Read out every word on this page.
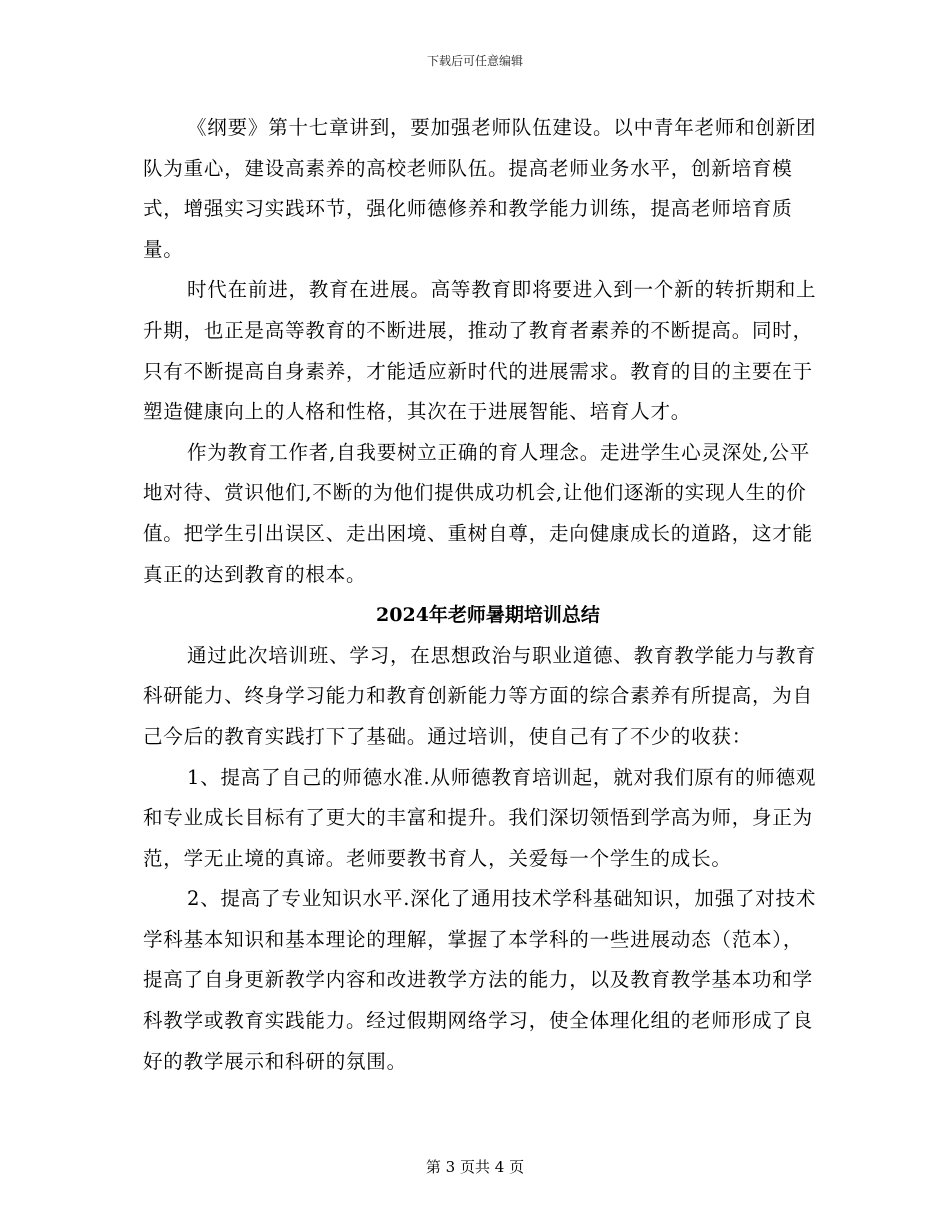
下载后可任意编辑

《纲要》第十七章讲到，要加强老师队伍建设。以中青年老师和创新团队为重心，建设高素养的高校老师队伍。提高老师业务水平，创新培育模式，增强实习实践环节，强化师德修养和教学能力训练，提高老师培育质量。

时代在前进，教育在进展。高等教育即将要进入到一个新的转折期和上升期，也正是高等教育的不断进展，推动了教育者素养的不断提高。同时，只有不断提高自身素养，才能适应新时代的进展需求。教育的目的主要在于塑造健康向上的人格和性格，其次在于进展智能、培育人才。

作为教育工作者,自我要树立正确的育人理念。走进学生心灵深处,公平地对待、赏识他们,不断的为他们提供成功机会,让他们逐渐的实现人生的价值。把学生引出误区、走出困境、重树自尊，走向健康成长的道路，这才能真正的达到教育的根本。

2024年老师暑期培训总结

通过此次培训班、学习，在思想政治与职业道德、教育教学能力与教育科研能力、终身学习能力和教育创新能力等方面的综合素养有所提高，为自己今后的教育实践打下了基础。通过培训，使自己有了不少的收获：

1、提高了自己的师德水准.从师德教育培训起，就对我们原有的师德观和专业成长目标有了更大的丰富和提升。我们深切领悟到学高为师，身正为范，学无止境的真谛。老师要教书育人，关爱每一个学生的成长。

2、提高了专业知识水平.深化了通用技术学科基础知识，加强了对技术学科基本知识和基本理论的理解，掌握了本学科的一些进展动态（范本），提高了自身更新教学内容和改进教学方法的能力，以及教育教学基本功和学科教学或教育实践能力。经过假期网络学习，使全体理化组的老师形成了良好的教学展示和科研的氛围。

第 3 页共 4 页
